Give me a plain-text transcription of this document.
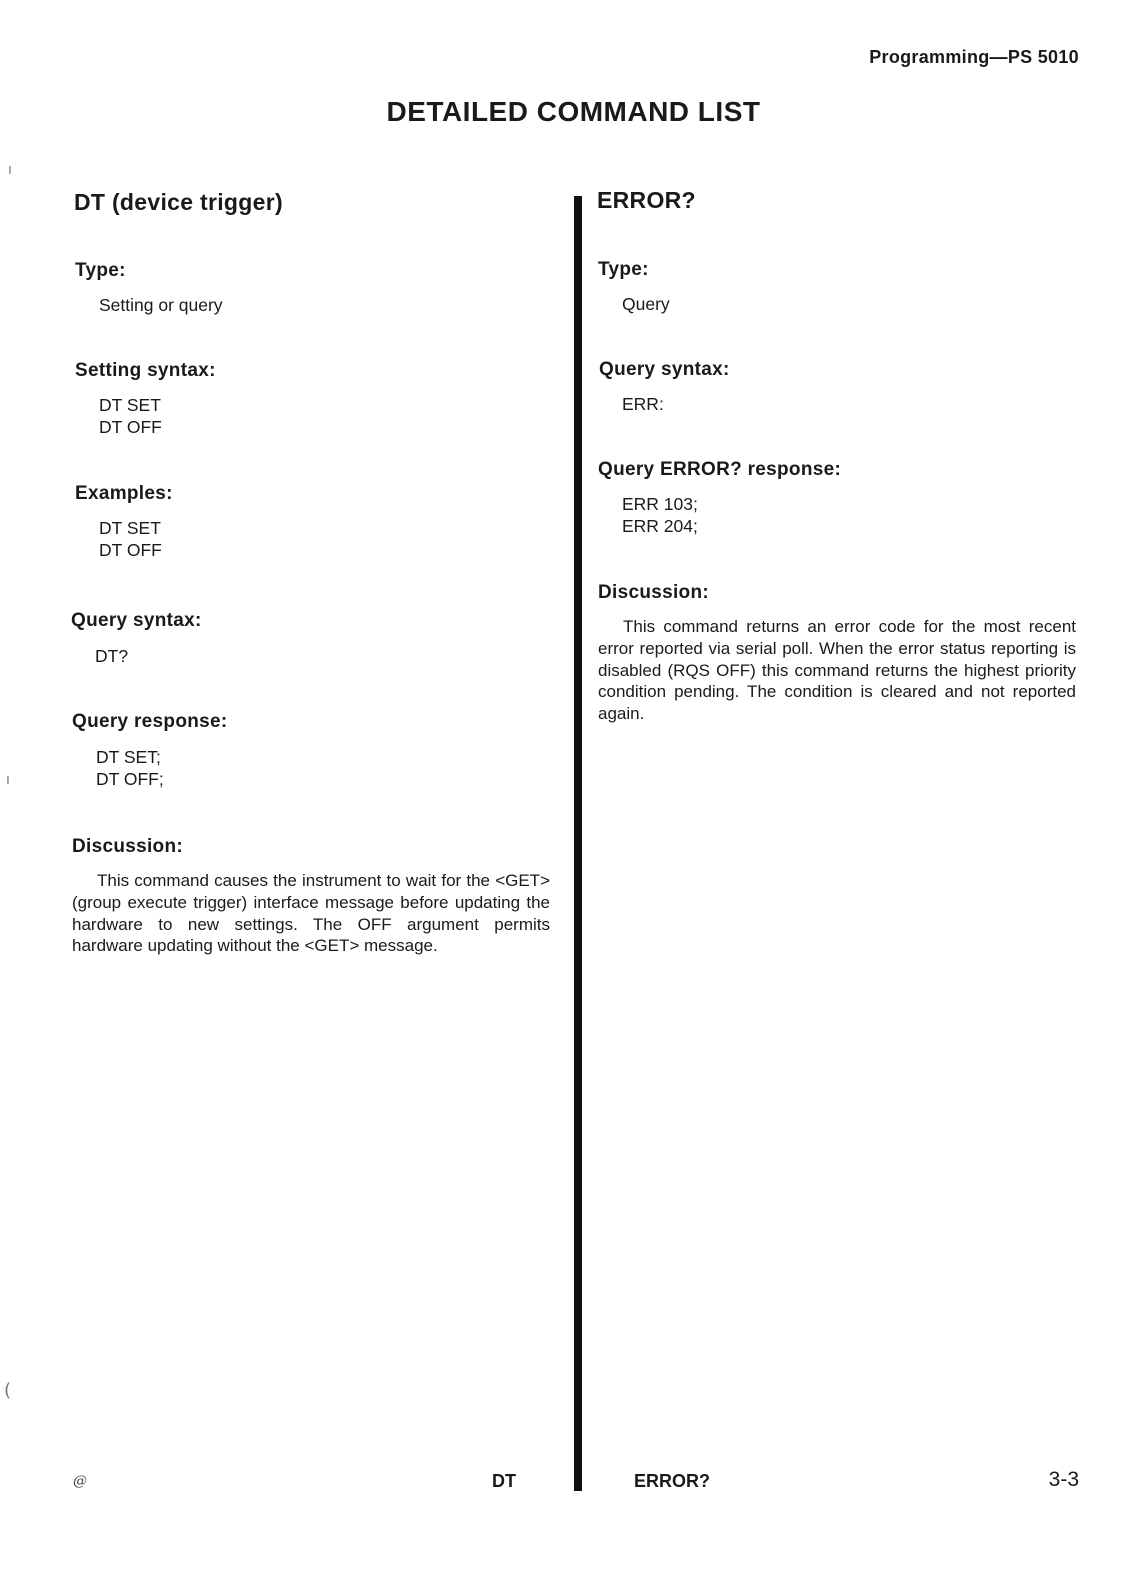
Programming—PS 5010
DETAILED COMMAND LIST
ı
ı
(
DT (device trigger)
Type:
Setting or query
Setting syntax:
DT SET
DT OFF
Examples:
DT SET
DT OFF
Query syntax:
DT?
Query response:
DT SET;
DT OFF;
Discussion:
This command causes the instrument to wait for the <GET> (group execute trigger) interface message before updating the hardware to new settings. The OFF argument permits hardware updating without the <GET> message.
ERROR?
Type:
Query
Query syntax:
ERR:
Query ERROR? response:
ERR 103;
ERR 204;
Discussion:
This command returns an error code for the most recent error reported via serial poll. When the error status reporting is disabled (RQS OFF) this command returns the highest priority condition pending. The condition is cleared and not reported again.
@	DT	ERROR?	3-3
